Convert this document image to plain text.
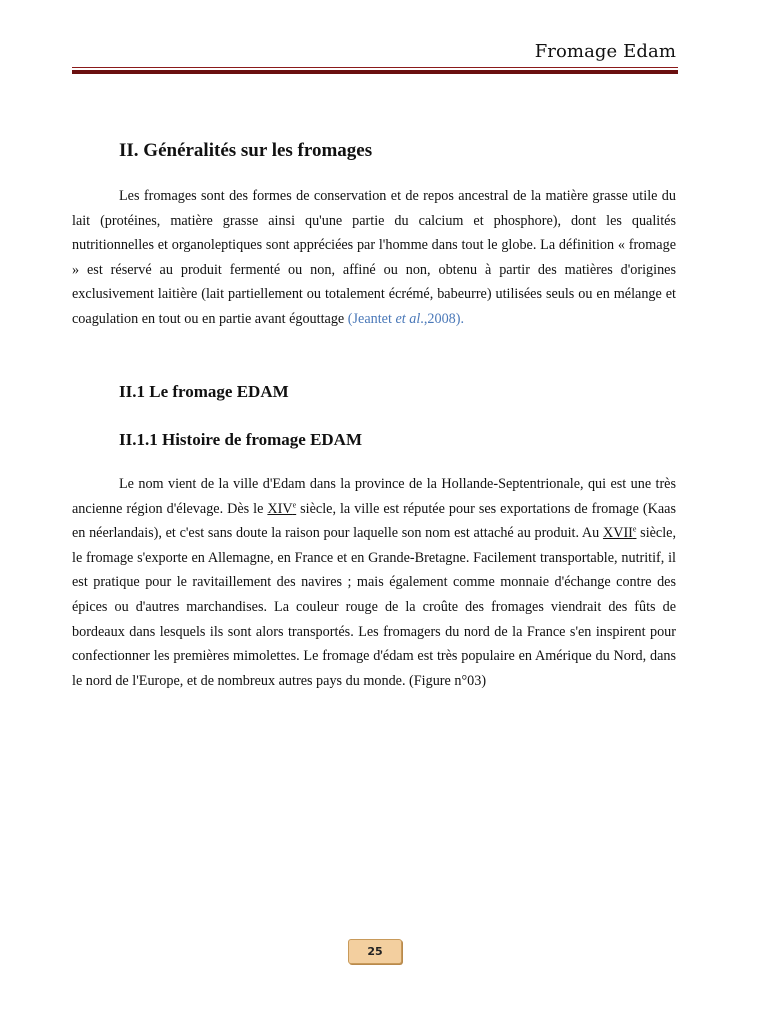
Fromage Edam
II. Généralités sur les fromages

Les fromages sont des formes de conservation et de repos ancestral de la matière grasse utile du lait (protéines, matière grasse ainsi qu'une partie du calcium et phosphore), dont les qualités nutritionnelles et organoleptiques sont appréciées par l'homme dans tout le globe. La définition « fromage » est réservé au produit fermenté ou non, affiné ou non, obtenu à partir des matières d'origines exclusivement laitière (lait partiellement ou totalement écrémé, babeurre) utilisées seuls ou en mélange et coagulation en tout ou en partie avant égouttage (Jeantet et al.,2008).

II.1 Le fromage EDAM
II.1.1 Histoire de fromage EDAM

Le nom vient de la ville d'Edam dans la province de la Hollande-Septentrionale, qui est une très ancienne région d'élevage. Dès le XIVe siècle, la ville est réputée pour ses exportations de fromage (Kaas en néerlandais), et c'est sans doute la raison pour laquelle son nom est attaché au produit. Au XVIIe siècle, le fromage s'exporte en Allemagne, en France et en Grande-Bretagne. Facilement transportable, nutritif, il est pratique pour le ravitaillement des navires ; mais également comme monnaie d'échange contre des épices ou d'autres marchandises. La couleur rouge de la croûte des fromages viendrait des fûts de bordeaux dans lesquels ils sont alors transportés. Les fromagers du nord de la France s'en inspirent pour confectionner les premières mimolettes. Le fromage d'édam est très populaire en Amérique du Nord, dans le nord de l'Europe, et de nombreux autres pays du monde. (Figure n°03)

25
